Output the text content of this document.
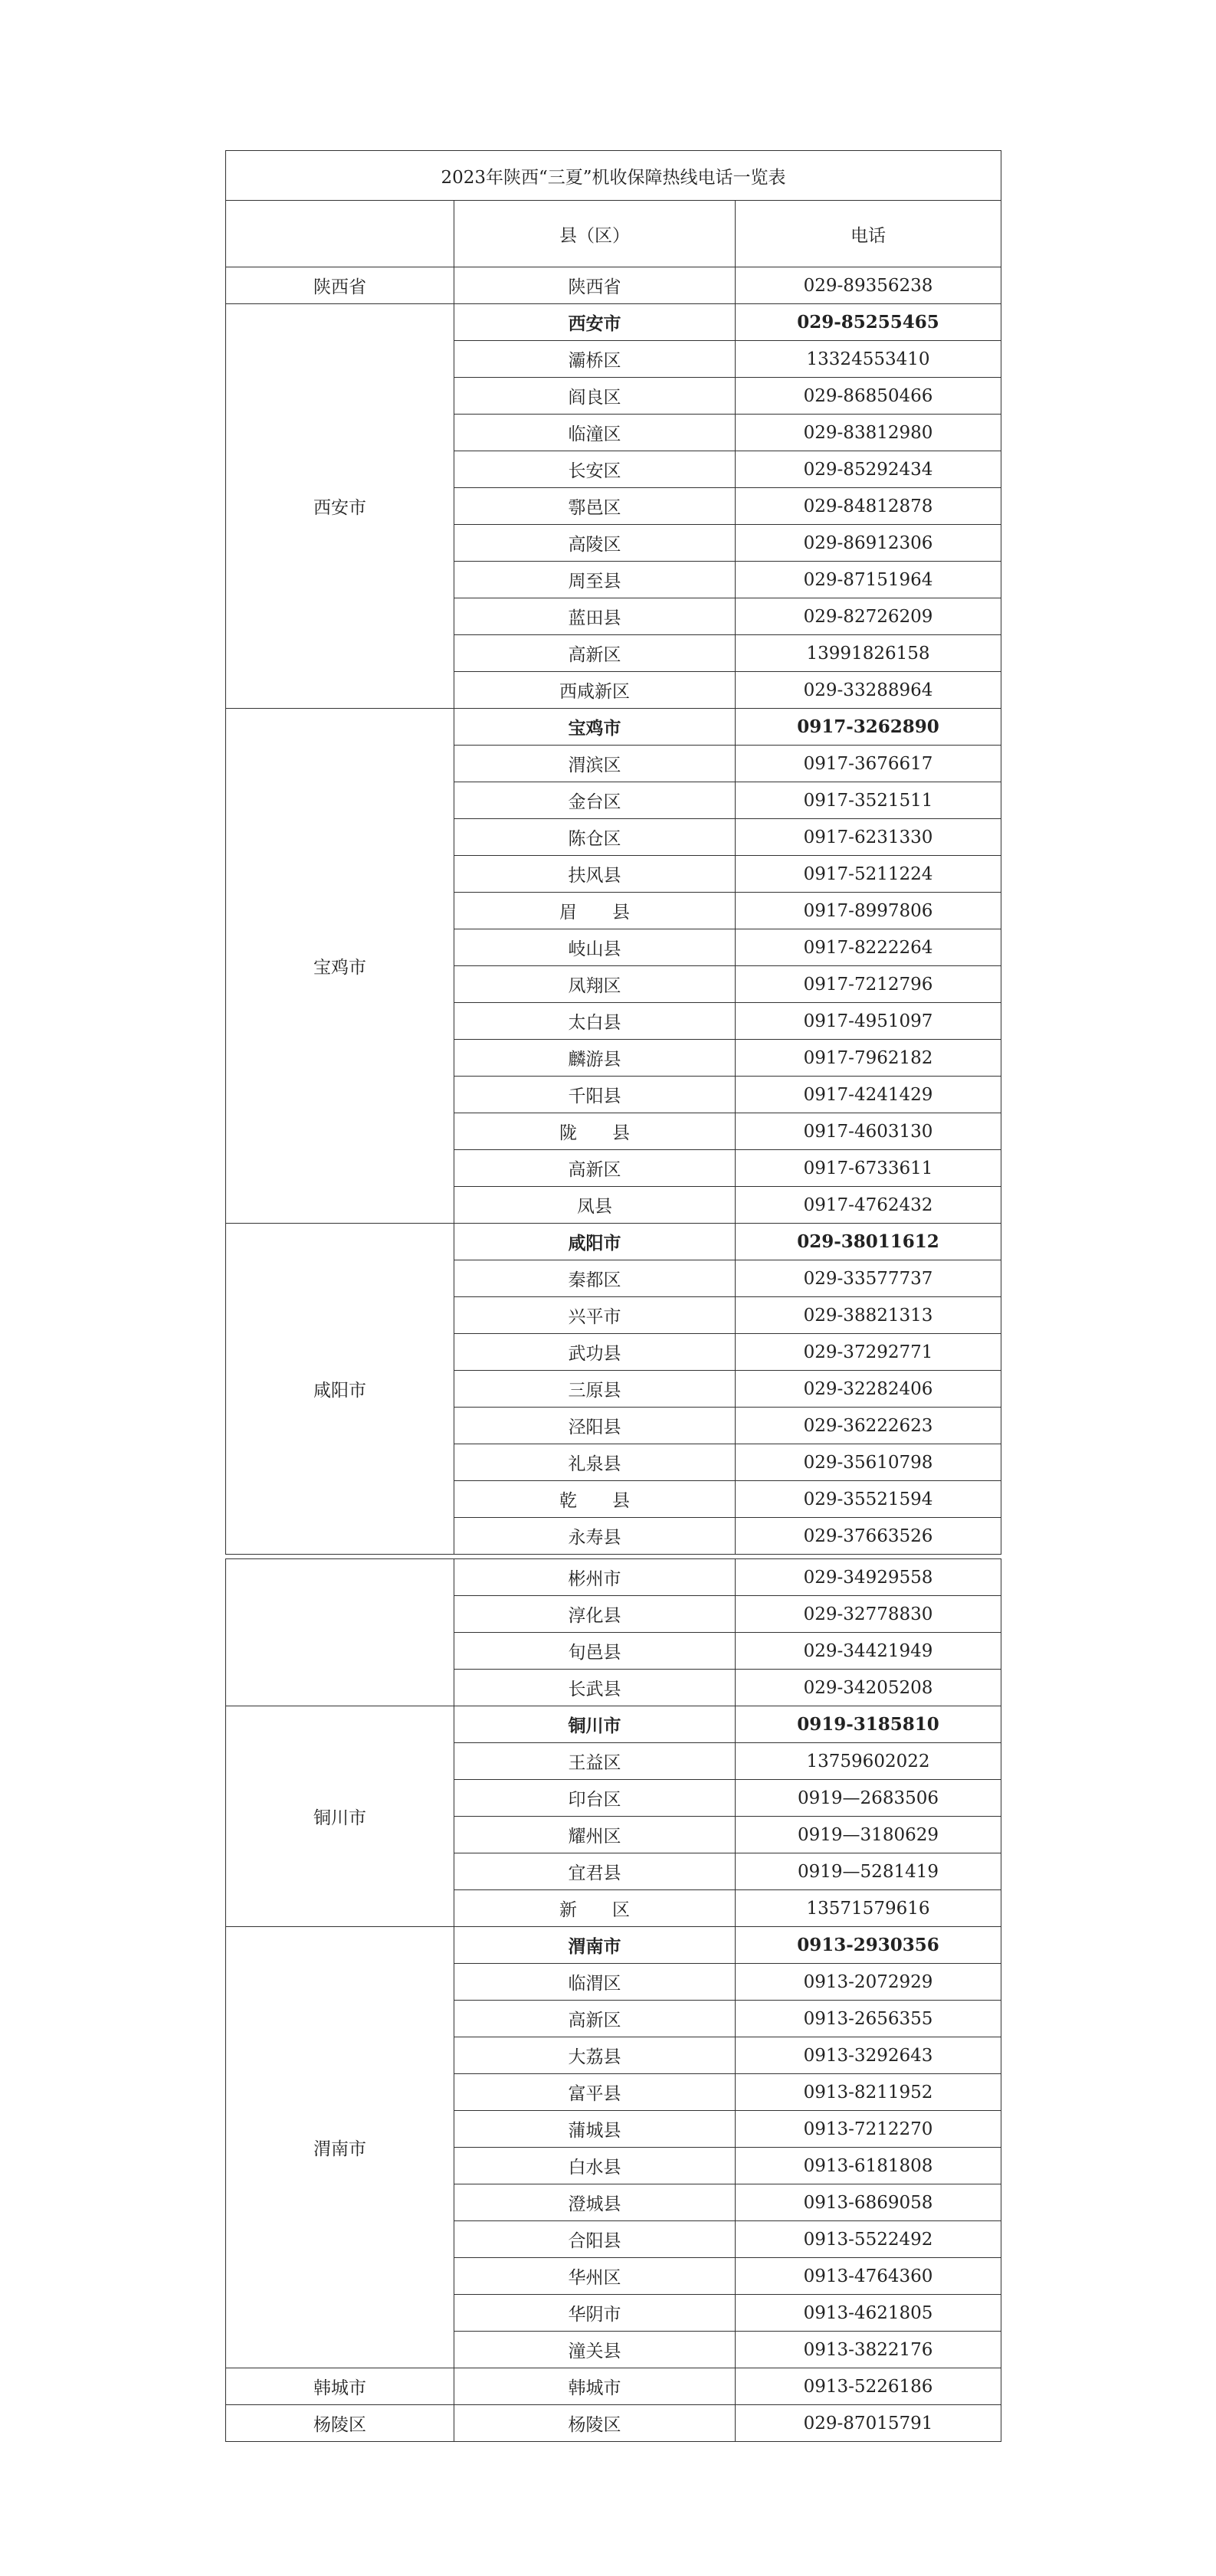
2023年陕西“三夏”机收保障热线电话一览表		
	县（区）	电话
陕西省	陕西省	029-89356238
西安市	西安市	029-85255465
	灞桥区	13324553410
	阎良区	029-86850466
	临潼区	029-83812980
	长安区	029-85292434
	鄠邑区	029-84812878
	高陵区	029-86912306
	周至县	029-87151964
	蓝田县	029-82726209
	高新区	13991826158
	西咸新区	029-33288964
宝鸡市	宝鸡市	0917-3262890
	渭滨区	0917-3676617
	金台区	0917-3521511
	陈仓区	0917-6231330
	扶风县	0917-5211224
	眉　　县	0917-8997806
	岐山县	0917-8222264
	凤翔区	0917-7212796
	太白县	0917-4951097
	麟游县	0917-7962182
	千阳县	0917-4241429
	陇　　县	0917-4603130
	高新区	0917-6733611
	凤县	0917-4762432
咸阳市	咸阳市	029-38011612
	秦都区	029-33577737
	兴平市	029-38821313
	武功县	029-37292771
	三原县	029-32282406
	泾阳县	029-36222623
	礼泉县	029-35610798
	乾　　县	029-35521594
	永寿县	029-37663526
	彬州市	029-34929558
	淳化县	029-32778830
	旬邑县	029-34421949
	长武县	029-34205208
铜川市	铜川市	0919-3185810
	王益区	13759602022
	印台区	0919—2683506
	耀州区	0919—3180629
	宜君县	0919—5281419
	新　　区	13571579616
渭南市	渭南市	0913-2930356
	临渭区	0913-2072929
	高新区	0913-2656355
	大荔县	0913-3292643
	富平县	0913-8211952
	蒲城县	0913-7212270
	白水县	0913-6181808
	澄城县	0913-6869058
	合阳县	0913-5522492
	华州区	0913-4764360
	华阴市	0913-4621805
	潼关县	0913-3822176
韩城市	韩城市	0913-5226186
杨陵区	杨陵区	029-87015791
